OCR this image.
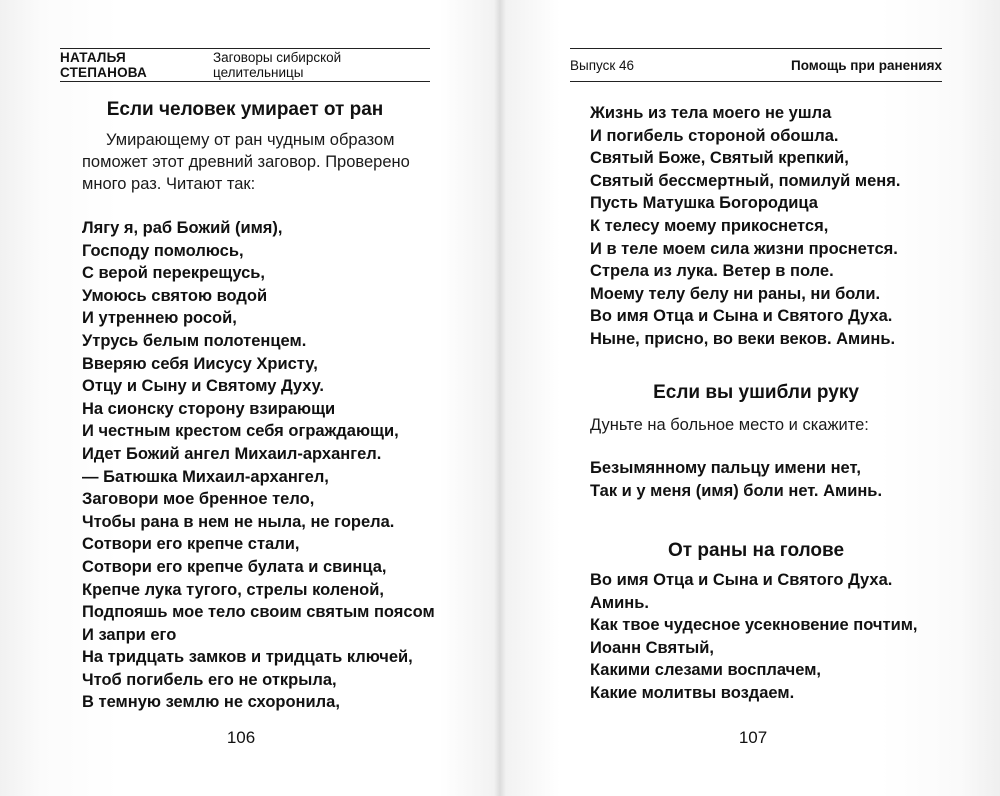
НАТАЛЬЯ СТЕПАНОВА
Заговоры сибирской целительницы
Если человек умирает от ран
Умирающему от ран чудным образом поможет этот древний заговор. Проверено много раз. Читают так:
Лягу я, раб Божий (имя),
Господу помолюсь,
С верой перекрещусь,
Умоюсь святою водой
И утреннею росой,
Утрусь белым полотенцем.
Вверяю себя Иисусу Христу,
Отцу и Сыну и Святому Духу.
На сионску сторону взирающи
И честным крестом себя ограждающи,
Идет Божий ангел Михаил-архангел.
— Батюшка Михаил-архангел,
Заговори мое бренное тело,
Чтобы рана в нем не ныла, не горела.
Сотвори его крепче стали,
Сотвори его крепче булата и свинца,
Крепче лука тугого, стрелы коленой,
Подпояшь мое тело своим святым поясом
И запри его
На тридцать замков и тридцать ключей,
Чтоб погибель его не открыла,
В темную землю не схоронила,
106
Выпуск 46	Помощь при ранениях
Жизнь из тела моего не ушла
И погибель стороной обошла.
Святый Боже, Святый крепкий,
Святый бессмертный, помилуй меня.
Пусть Матушка Богородица
К телесу моему прикоснется,
И в теле моем сила жизни проснется.
Стрела из лука. Ветер в поле.
Моему телу белу ни раны, ни боли.
Во имя Отца и Сына и Святого Духа.
Ныне, присно, во веки веков. Аминь.
Если вы ушибли руку
Дуньте на больное место и скажите:
Безымянному пальцу имени нет,
Так и у меня (имя) боли нет. Аминь.
От раны на голове
Во имя Отца и Сына и Святого Духа.
Аминь.
Как твое чудесное усекновение почтим,
Иоанн Святый,
Какими слезами восплачем,
Какие молитвы воздаем.
107
